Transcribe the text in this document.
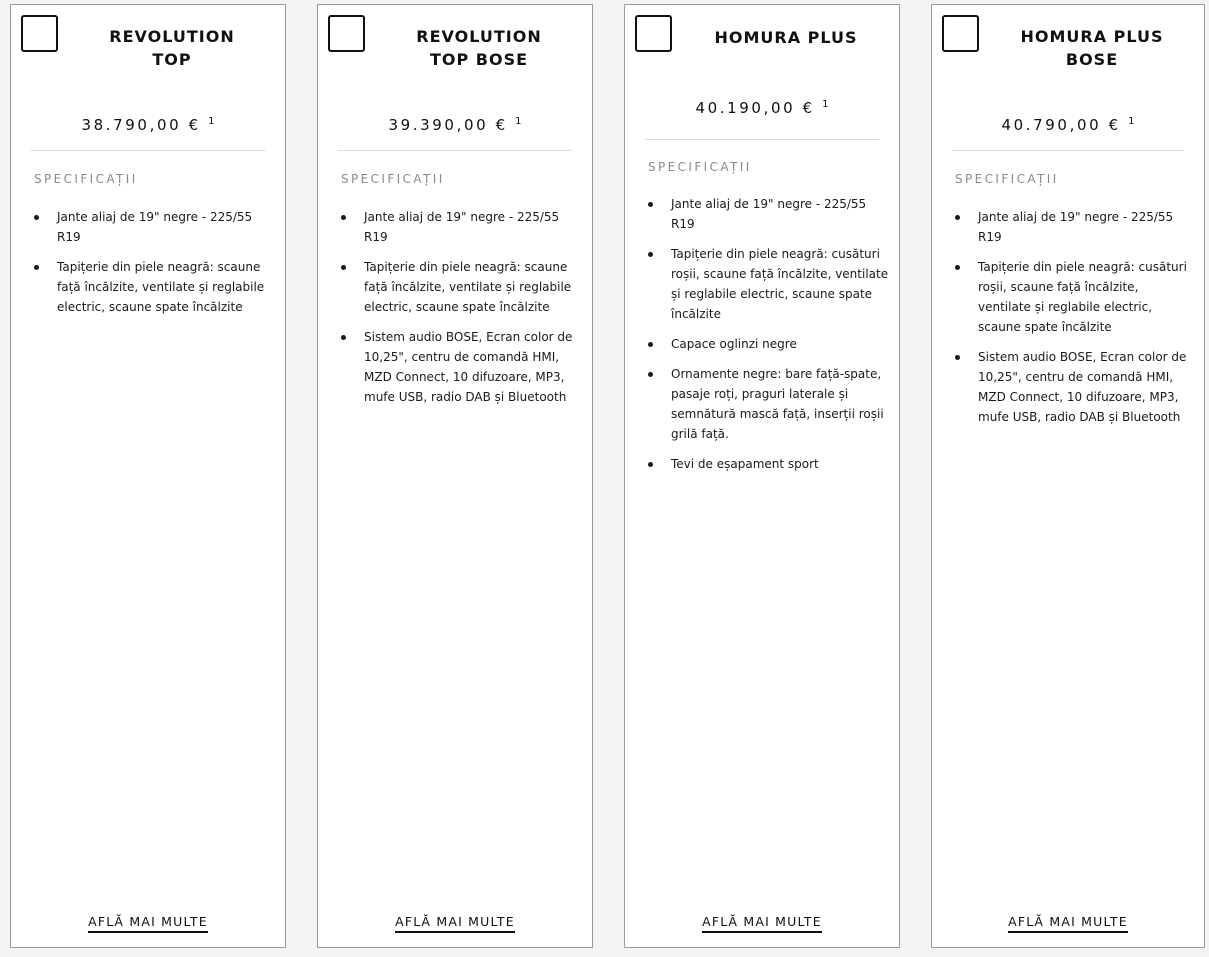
REVOLUTION
TOP
38.790,00 € $^1$
SPECIFICAȚII
Jante aliaj de 19" negre - 225/55 R19
Tapițerie din piele neagră: scaune față încălzite, ventilate și reglabile electric, scaune spate încălzite
AFLĂ MAI MULTE
REVOLUTION
TOP BOSE
39.390,00 € $^1$
SPECIFICAȚII
Jante aliaj de 19" negre - 225/55 R19
Tapițerie din piele neagră: scaune față încălzite, ventilate și reglabile electric, scaune spate încălzite
Sistem audio BOSE, Ecran color de 10,25", centru de comandă HMI, MZD Connect, 10 difuzoare, MP3, mufe USB, radio DAB și Bluetooth
AFLĂ MAI MULTE
HOMURA PLUS
40.190,00 € $^1$
SPECIFICAȚII
Jante aliaj de 19" negre - 225/55 R19
Tapițerie din piele neagră: cusături roșii, scaune față încălzite, ventilate și reglabile electric, scaune spate încălzite
Capace oglinzi negre
Ornamente negre: bare față-spate, pasaje roți, praguri laterale și semnătură mască față, inserții roșii grilă față.
Tevi de eșapament sport
AFLĂ MAI MULTE
HOMURA PLUS
BOSE
40.790,00 € $^1$
SPECIFICAȚII
Jante aliaj de 19" negre - 225/55 R19
Tapițerie din piele neagră: cusături roșii, scaune față încălzite, ventilate și reglabile electric, scaune spate încălzite
Sistem audio BOSE, Ecran color de 10,25", centru de comandă HMI, MZD Connect, 10 difuzoare, MP3, mufe USB, radio DAB și Bluetooth
AFLĂ MAI MULTE
